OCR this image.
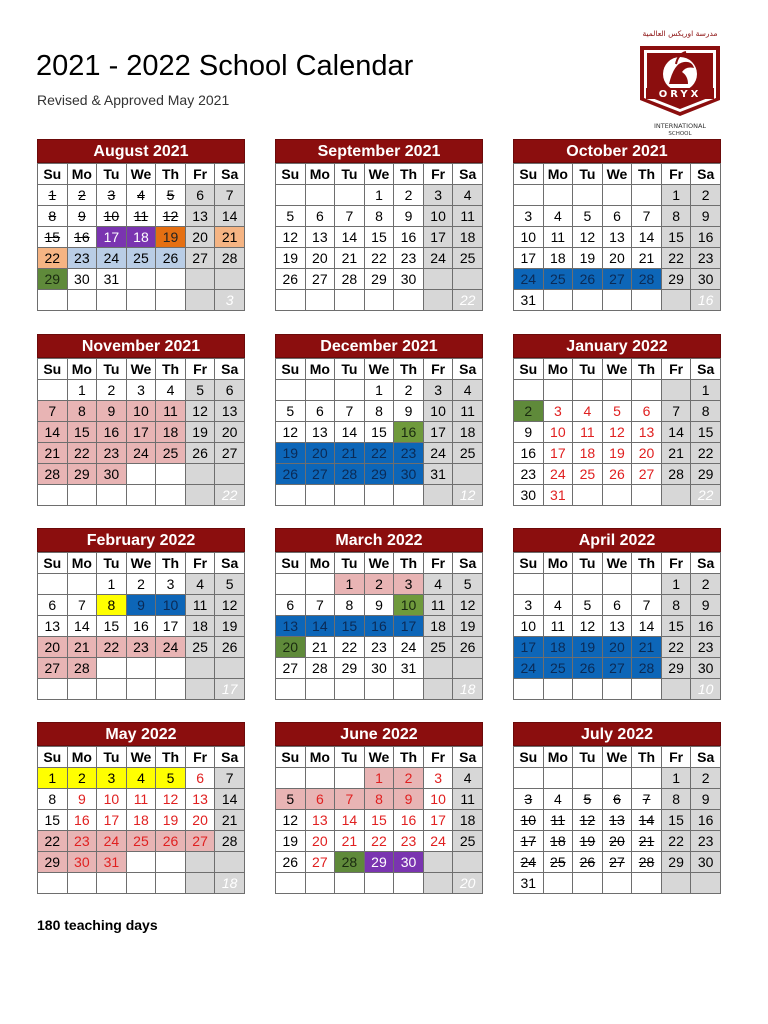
2021 - 2022 School Calendar
Revised & Approved May 2021
مدرسة اوريكس العالمية
ORYX
INTERNATIONAL
SCHOOL
August 2021
Su	Mo	Tu	We	Th	Fr	Sa
1	2	3	4	5	6	7
8	9	10	11	12	13	14
15	16	17	18	19	20	21
22	23	24	25	26	27	28
29	30	31				
						3
September 2021
Su	Mo	Tu	We	Th	Fr	Sa
			1	2	3	4
5	6	7	8	9	10	11
12	13	14	15	16	17	18
19	20	21	22	23	24	25
26	27	28	29	30		
						22
October 2021
Su	Mo	Tu	We	Th	Fr	Sa
					1	2
3	4	5	6	7	8	9
10	11	12	13	14	15	16
17	18	19	20	21	22	23
24	25	26	27	28	29	30
31						16
November 2021
Su	Mo	Tu	We	Th	Fr	Sa
	1	2	3	4	5	6
7	8	9	10	11	12	13
14	15	16	17	18	19	20
21	22	23	24	25	26	27
28	29	30				
						22
December 2021
Su	Mo	Tu	We	Th	Fr	Sa
			1	2	3	4
5	6	7	8	9	10	11
12	13	14	15	16	17	18
19	20	21	22	23	24	25
26	27	28	29	30	31	
						12
January 2022
Su	Mo	Tu	We	Th	Fr	Sa
						1
2	3	4	5	6	7	8
9	10	11	12	13	14	15
16	17	18	19	20	21	22
23	24	25	26	27	28	29
30	31					22
February 2022
Su	Mo	Tu	We	Th	Fr	Sa
		1	2	3	4	5
6	7	8	9	10	11	12
13	14	15	16	17	18	19
20	21	22	23	24	25	26
27	28					
						17
March 2022
Su	Mo	Tu	We	Th	Fr	Sa
		1	2	3	4	5
6	7	8	9	10	11	12
13	14	15	16	17	18	19
20	21	22	23	24	25	26
27	28	29	30	31		
						18
April 2022
Su	Mo	Tu	We	Th	Fr	Sa
					1	2
3	4	5	6	7	8	9
10	11	12	13	14	15	16
17	18	19	20	21	22	23
24	25	26	27	28	29	30
						10
May 2022
Su	Mo	Tu	We	Th	Fr	Sa
1	2	3	4	5	6	7
8	9	10	11	12	13	14
15	16	17	18	19	20	21
22	23	24	25	26	27	28
29	30	31				
						18
June 2022
Su	Mo	Tu	We	Th	Fr	Sa
			1	2	3	4
5	6	7	8	9	10	11
12	13	14	15	16	17	18
19	20	21	22	23	24	25
26	27	28	29	30		
						20
July 2022
Su	Mo	Tu	We	Th	Fr	Sa
					1	2
3	4	5	6	7	8	9
10	11	12	13	14	15	16
17	18	19	20	21	22	23
24	25	26	27	28	29	30
31						
180 teaching days
